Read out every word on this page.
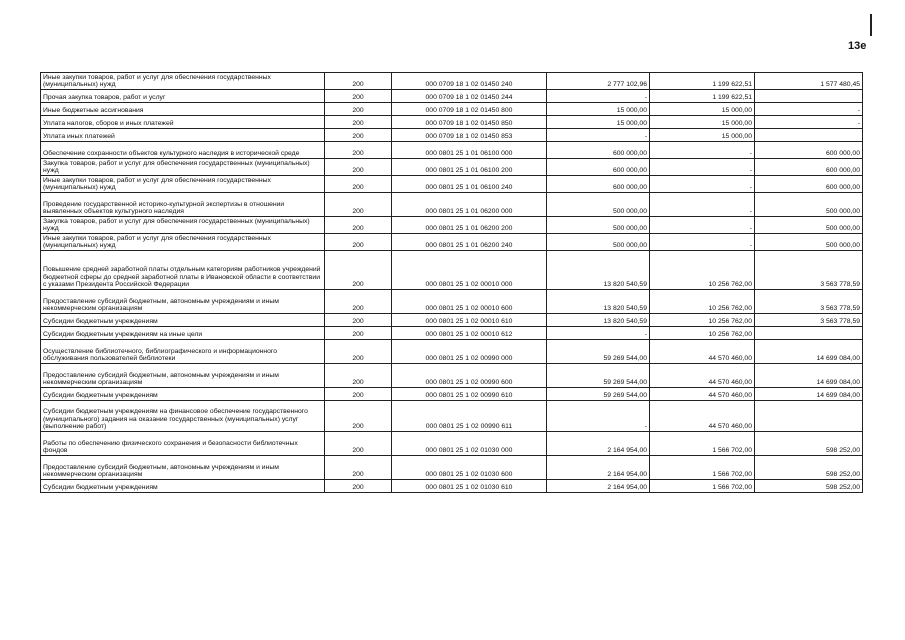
13е
Иные закупки товаров, работ и услуг для обеспечения государственных (муниципальных) нужд	200	000 0709 18 1 02 01450 240	2 777 102,96	1 199 622,51	1 577 480,45
Прочая закупка товаров, работ и услуг	200	000 0709 18 1 02 01450 244	-	1 199 622,51	
Иные бюджетные ассигнования	200	000 0709 18 1 02 01450 800	15 000,00	15 000,00	-
Уплата налогов, сборов и иных платежей	200	000 0709 18 1 02 01450 850	15 000,00	15 000,00	-
Уплата иных платежей	200	000 0709 18 1 02 01450 853	-	15 000,00	
Обеспечение сохранности объектов культурного наследия в исторической среде	200	000 0801 25 1 01 06100 000	600 000,00	-	600 000,00
Закупка товаров, работ и услуг для обеспечения государственных (муниципальных) нужд	200	000 0801 25 1 01 06100 200	600 000,00	-	600 000,00
Иные закупки товаров, работ и услуг для обеспечения государственных (муниципальных) нужд	200	000 0801 25 1 01 06100 240	600 000,00	-	600 000,00
Проведение государственной историко-культурной экспертизы в отношении выявленных объектов культурного наследия	200	000 0801 25 1 01 06200 000	500 000,00	-	500 000,00
Закупка товаров, работ и услуг для обеспечения государственных (муниципальных) нужд	200	000 0801 25 1 01 06200 200	500 000,00	-	500 000,00
Иные закупки товаров, работ и услуг для обеспечения государственных (муниципальных) нужд	200	000 0801 25 1 01 06200 240	500 000,00	-	500 000,00
Повышение средней заработной платы отдельным категориям работников учреждений бюджетной сферы до средней заработной платы в Ивановской области в соответствии с указами Президента Российской Федерации	200	000 0801 25 1 02 00010 000	13 820 540,59	10 256 762,00	3 563 778,59
Предоставление субсидий бюджетным, автономным учреждениям и иным некоммерческим организациям	200	000 0801 25 1 02 00010 600	13 820 540,59	10 256 762,00	3 563 778,59
Субсидии бюджетным учреждениям	200	000 0801 25 1 02 00010 610	13 820 540,59	10 256 762,00	3 563 778,59
Субсидии бюджетным учреждениям на иные цели	200	000 0801 25 1 02 00010 612	-	10 256 762,00	
Осуществление библиотечного, библиографического и информационного обслуживания пользователей библиотеки	200	000 0801 25 1 02 00990 000	59 269 544,00	44 570 460,00	14 699 084,00
Предоставление субсидий бюджетным, автономным учреждениям и иным некоммерческим организациям	200	000 0801 25 1 02 00990 600	59 269 544,00	44 570 460,00	14 699 084,00
Субсидии бюджетным учреждениям	200	000 0801 25 1 02 00990 610	59 269 544,00	44 570 460,00	14 699 084,00
Субсидии бюджетным учреждениям на финансовое обеспечение государственного (муниципального) задания на оказание государственных (муниципальных) услуг (выполнение работ)	200	000 0801 25 1 02 00990 611	-	44 570 460,00	
Работы по обеспечению физического сохранения и безопасности библиотечных фондов	200	000 0801 25 1 02 01030 000	2 164 954,00	1 566 702,00	598 252,00
Предоставление субсидий бюджетным, автономным учреждениям и иным некоммерческим организациям	200	000 0801 25 1 02 01030 600	2 164 954,00	1 566 702,00	598 252,00
Субсидии бюджетным учреждениям	200	000 0801 25 1 02 01030 610	2 164 954,00	1 566 702,00	598 252,00
